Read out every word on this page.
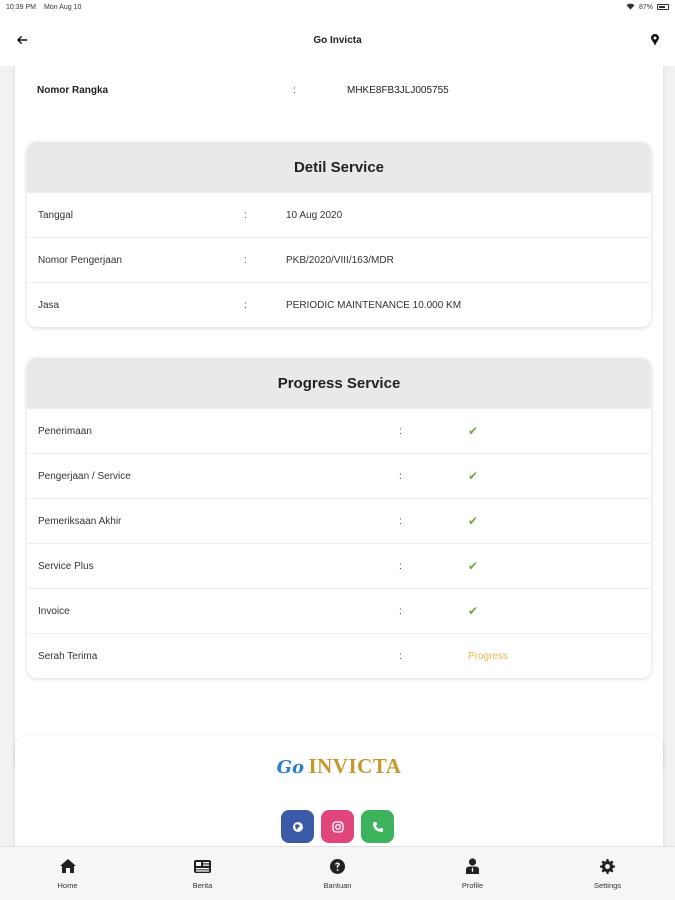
10:39 PM Mon Aug 10	87%
Go Invicta
Nomor Rangka	:	MHKE8FB3JLJ005755
Detil Service
Tanggal	:	10 Aug 2020
Nomor Pengerjaan	:	PKB/2020/VIII/163/MDR
Jasa	:	PERIODIC MAINTENANCE 10.000 KM
Progress Service
Penerimaan	:	✔
Pengerjaan / Service	:	✔
Pemeriksaan Akhir	:	✔
Service Plus	:	✔
Invoice	:	✔
Serah Terima	:	Progress
Go INVICTA
Home	Berita	Bantuan	Profile	Settings
